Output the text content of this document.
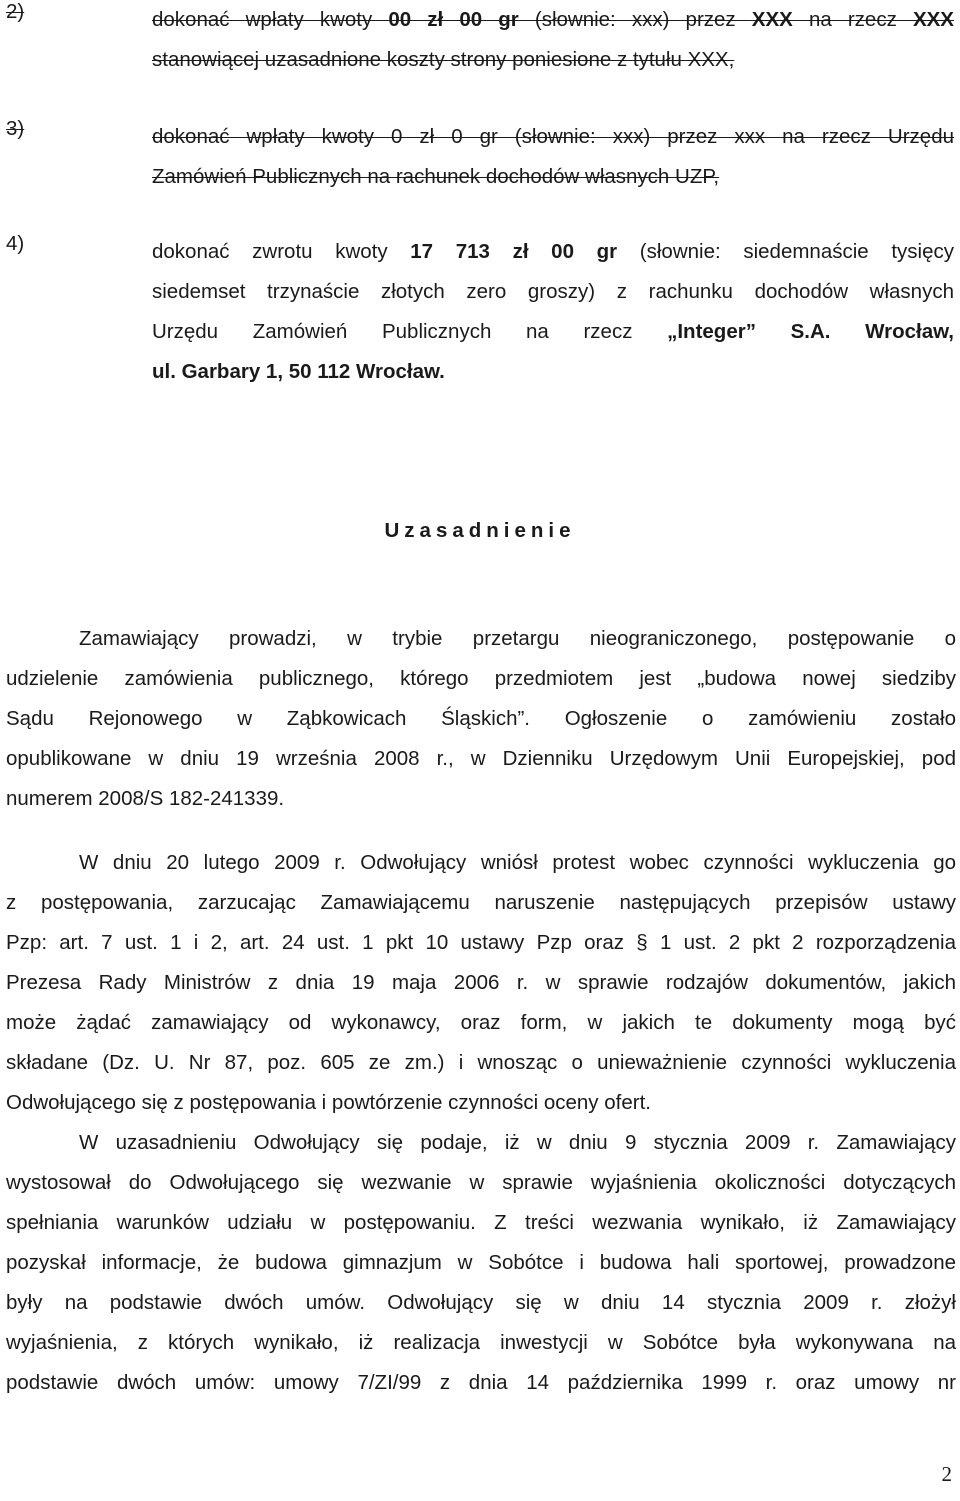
2)	dokonać wpłaty kwoty 00 zł 00 gr (słownie: xxx) przez XXX na rzecz XXX
stanowiącej uzasadnione koszty strony poniesione z tytułu XXX,
3)	dokonać wpłaty kwoty 0 zł 0 gr (słownie: xxx) przez xxx na rzecz Urzędu
Zamówień Publicznych na rachunek dochodów własnych UZP,
4)	dokonać zwrotu kwoty 17 713 zł 00 gr (słownie: siedemnaście tysięcy
siedemset trzynaście złotych zero groszy) z rachunku dochodów własnych
Urzędu Zamówień Publicznych na rzecz „Integer” S.A. Wrocław,
ul. Garbary 1, 50 112 Wrocław.
Uzasadnienie
Zamawiający prowadzi, w trybie przetargu nieograniczonego, postępowanie o
udzielenie zamówienia publicznego, którego przedmiotem jest „budowa nowej siedziby
Sądu Rejonowego w Ząbkowicach Śląskich”. Ogłoszenie o zamówieniu zostało
opublikowane w dniu 19 września 2008 r., w Dzienniku Urzędowym Unii Europejskiej, pod
numerem 2008/S 182-241339.
W dniu 20 lutego 2009 r. Odwołujący wniósł protest wobec czynności wykluczenia go
z postępowania, zarzucając Zamawiającemu naruszenie następujących przepisów ustawy
Pzp: art. 7 ust. 1 i 2, art. 24 ust. 1 pkt 10 ustawy Pzp oraz § 1 ust. 2 pkt 2 rozporządzenia
Prezesa Rady Ministrów z dnia 19 maja 2006 r. w sprawie rodzajów dokumentów, jakich
może żądać zamawiający od wykonawcy, oraz form, w jakich te dokumenty mogą być
składane (Dz. U. Nr 87, poz. 605 ze zm.) i wnosząc o unieważnienie czynności wykluczenia
Odwołującego się z postępowania i powtórzenie czynności oceny ofert.
W uzasadnieniu Odwołujący się podaje, iż w dniu 9 stycznia 2009 r. Zamawiający
wystosował do Odwołującego się wezwanie w sprawie wyjaśnienia okoliczności dotyczących
spełniania warunków udziału w postępowaniu. Z treści wezwania wynikało, iż Zamawiający
pozyskał informacje, że budowa gimnazjum w Sobótce i budowa hali sportowej, prowadzone
były na podstawie dwóch umów. Odwołujący się w dniu 14 stycznia 2009 r. złożył
wyjaśnienia, z których wynikało, iż realizacja inwestycji w Sobótce była wykonywana na
podstawie dwóch umów: umowy 7/ZI/99 z dnia 14 października 1999 r. oraz umowy nr
2
